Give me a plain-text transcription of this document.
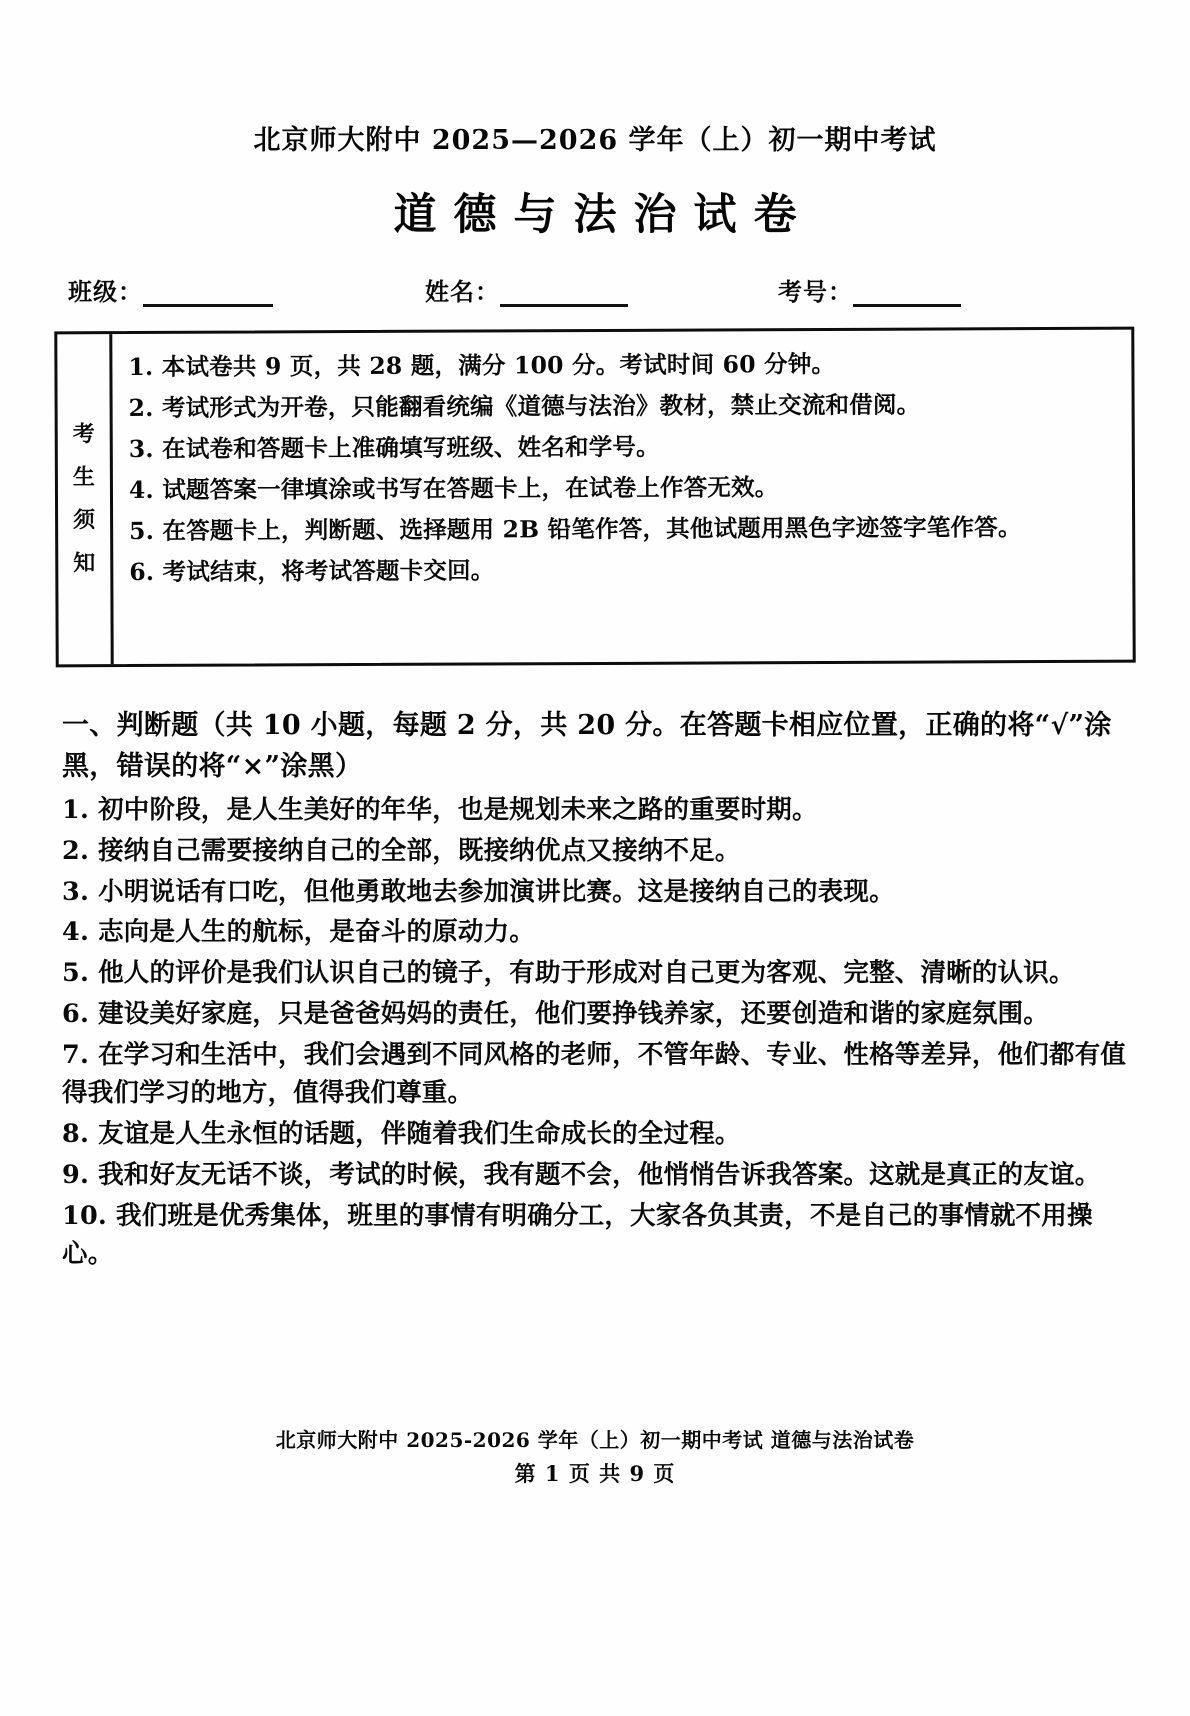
北京师大附中 2025—2026 学年（上）初一期中考试
道德与法治试卷
班级：	姓名：	考号：
考
生
须
知
1. 本试卷共 9 页，共 28 题，满分 100 分。考试时间 60 分钟。
2. 考试形式为开卷，只能翻看统编《道德与法治》教材，禁止交流和借阅。
3. 在试卷和答题卡上准确填写班级、姓名和学号。
4. 试题答案一律填涂或书写在答题卡上，在试卷上作答无效。
5. 在答题卡上，判断题、选择题用 2B 铅笔作答，其他试题用黑色字迹签字笔作答。
6. 考试结束，将考试答题卡交回。
一、判断题（共 10 小题，每题 2 分，共 20 分。在答题卡相应位置，正确的将“√”涂黑，错误的将“×”涂黑）
1. 初中阶段，是人生美好的年华，也是规划未来之路的重要时期。
2. 接纳自己需要接纳自己的全部，既接纳优点又接纳不足。
3. 小明说话有口吃，但他勇敢地去参加演讲比赛。这是接纳自己的表现。
4. 志向是人生的航标，是奋斗的原动力。
5. 他人的评价是我们认识自己的镜子，有助于形成对自己更为客观、完整、清晰的认识。
6. 建设美好家庭，只是爸爸妈妈的责任，他们要挣钱养家，还要创造和谐的家庭氛围。
7. 在学习和生活中，我们会遇到不同风格的老师，不管年龄、专业、性格等差异，他们都有值得我们学习的地方，值得我们尊重。
8. 友谊是人生永恒的话题，伴随着我们生命成长的全过程。
9. 我和好友无话不谈，考试的时候，我有题不会，他悄悄告诉我答案。这就是真正的友谊。
10. 我们班是优秀集体，班里的事情有明确分工，大家各负其责，不是自己的事情就不用操心。
北京师大附中 2025-2026 学年（上）初一期中考试 道德与法治试卷
第 1 页 共 9 页
